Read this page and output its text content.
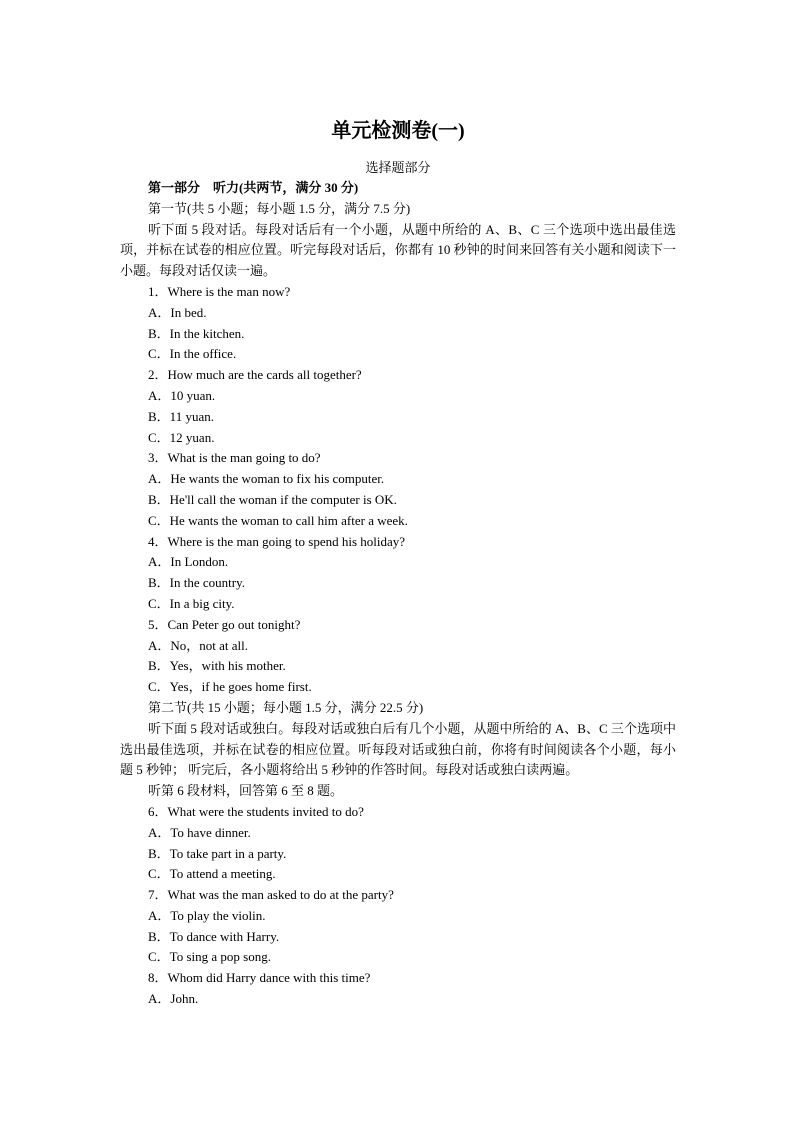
单元检测卷(一)
选择题部分
第一部分　听力(共两节，满分 30 分)
第一节(共 5 小题；每小题 1.5 分，满分 7.5 分)
听下面 5 段对话。每段对话后有一个小题，从题中所给的 A、B、C 三个选项中选出最佳选项，并标在试卷的相应位置。听完每段对话后，你都有 10 秒钟的时间来回答有关小题和阅读下一小题。每段对话仅读一遍。
1．Where is the man now?
A．In bed.
B．In the kitchen.
C．In the office.
2．How much are the cards all together?
A．10 yuan.
B．11 yuan.
C．12 yuan.
3．What is the man going to do?
A．He wants the woman to fix his computer.
B．He'll call the woman if the computer is OK.
C．He wants the woman to call him after a week.
4．Where is the man going to spend his holiday?
A．In London.
B．In the country.
C．In a big city.
5．Can Peter go out tonight?
A．No，not at all.
B．Yes，with his mother.
C．Yes，if he goes home first.
第二节(共 15 小题；每小题 1.5 分，满分 22.5 分)
听下面 5 段对话或独白。每段对话或独白后有几个小题，从题中所给的 A、B、C 三个选项中选出最佳选项，并标在试卷的相应位置。听每段对话或独白前，你将有时间阅读各个小题，每小题 5 秒钟； 听完后，各小题将给出 5 秒钟的作答时间。每段对话或独白读两遍。
听第 6 段材料，回答第 6 至 8 题。
6．What were the students invited to do?
A．To have dinner.
B．To take part in a party.
C．To attend a meeting.
7．What was the man asked to do at the party?
A．To play the violin.
B．To dance with Harry.
C．To sing a pop song.
8．Whom did Harry dance with this time?
A．John.
